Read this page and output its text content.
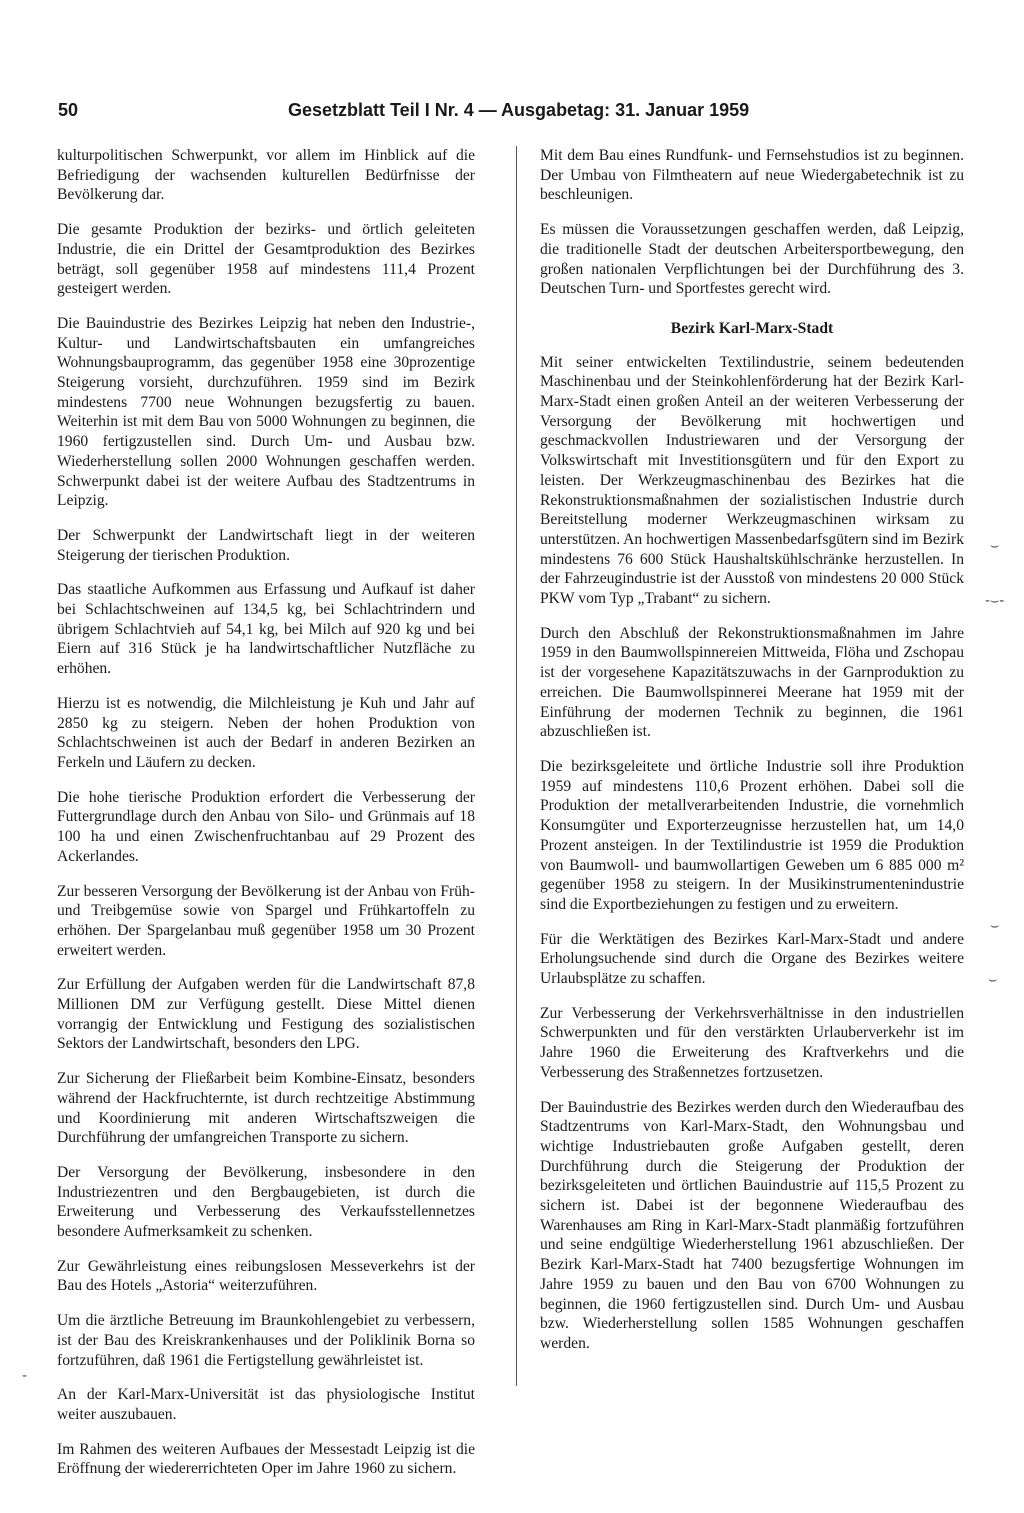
50	Gesetzblatt Teil I Nr. 4 — Ausgabetag: 31. Januar 1959

kulturpolitischen Schwerpunkt, vor allem im Hinblick auf die Befriedigung der wachsenden kulturellen Bedürfnisse der Bevölkerung dar.

Die gesamte Produktion der bezirks- und örtlich geleiteten Industrie, die ein Drittel der Gesamtproduktion des Bezirkes beträgt, soll gegenüber 1958 auf mindestens 111,4 Prozent gesteigert werden.

Die Bauindustrie des Bezirkes Leipzig hat neben den Industrie-, Kultur- und Landwirtschaftsbauten ein umfangreiches Wohnungsbauprogramm, das gegenüber 1958 eine 30prozentige Steigerung vorsieht, durchzuführen. 1959 sind im Bezirk mindestens 7700 neue Wohnungen bezugsfertig zu bauen. Weiterhin ist mit dem Bau von 5000 Wohnungen zu beginnen, die 1960 fertigzustellen sind. Durch Um- und Ausbau bzw. Wiederherstellung sollen 2000 Wohnungen geschaffen werden. Schwerpunkt dabei ist der weitere Aufbau des Stadtzentrums in Leipzig.

Der Schwerpunkt der Landwirtschaft liegt in der weiteren Steigerung der tierischen Produktion.

Das staatliche Aufkommen aus Erfassung und Aufkauf ist daher bei Schlachtschweinen auf 134,5 kg, bei Schlachtrindern und übrigem Schlachtvieh auf 54,1 kg, bei Milch auf 920 kg und bei Eiern auf 316 Stück je ha landwirtschaftlicher Nutzfläche zu erhöhen.

Hierzu ist es notwendig, die Milchleistung je Kuh und Jahr auf 2850 kg zu steigern. Neben der hohen Produktion von Schlachtschweinen ist auch der Bedarf in anderen Bezirken an Ferkeln und Läufern zu decken.

Die hohe tierische Produktion erfordert die Verbesserung der Futtergrundlage durch den Anbau von Silo- und Grünmais auf 18 100 ha und einen Zwischenfruchtanbau auf 29 Prozent des Ackerlandes.

Zur besseren Versorgung der Bevölkerung ist der Anbau von Früh- und Treibgemüse sowie von Spargel und Frühkartoffeln zu erhöhen. Der Spargelanbau muß gegenüber 1958 um 30 Prozent erweitert werden.

Zur Erfüllung der Aufgaben werden für die Landwirtschaft 87,8 Millionen DM zur Verfügung gestellt. Diese Mittel dienen vorrangig der Entwicklung und Festigung des sozialistischen Sektors der Landwirtschaft, besonders den LPG.

Zur Sicherung der Fließarbeit beim Kombine-Einsatz, besonders während der Hackfruchternte, ist durch rechtzeitige Abstimmung und Koordinierung mit anderen Wirtschaftszweigen die Durchführung der umfangreichen Transporte zu sichern.

Der Versorgung der Bevölkerung, insbesondere in den Industriezentren und den Bergbaugebieten, ist durch die Erweiterung und Verbesserung des Verkaufsstellennetzes besondere Aufmerksamkeit zu schenken.

Zur Gewährleistung eines reibungslosen Messeverkehrs ist der Bau des Hotels „Astoria“ weiterzuführen.

Um die ärztliche Betreuung im Braunkohlengebiet zu verbessern, ist der Bau des Kreiskrankenhauses und der Poliklinik Borna so fortzuführen, daß 1961 die Fertigstellung gewährleistet ist.

An der Karl-Marx-Universität ist das physiologische Institut weiter auszubauen.

Im Rahmen des weiteren Aufbaues der Messestadt Leipzig ist die Eröffnung der wiedererrichteten Oper im Jahre 1960 zu sichern.

Mit dem Bau eines Rundfunk- und Fernsehstudios ist zu beginnen. Der Umbau von Filmtheatern auf neue Wiedergabetechnik ist zu beschleunigen.

Es müssen die Voraussetzungen geschaffen werden, daß Leipzig, die traditionelle Stadt der deutschen Arbeitersportbewegung, den großen nationalen Verpflichtungen bei der Durchführung des 3. Deutschen Turn- und Sportfestes gerecht wird.

Bezirk Karl-Marx-Stadt

Mit seiner entwickelten Textilindustrie, seinem bedeutenden Maschinenbau und der Steinkohlenförderung hat der Bezirk Karl-Marx-Stadt einen großen Anteil an der weiteren Verbesserung der Versorgung der Bevölkerung mit hochwertigen und geschmackvollen Industriewaren und der Versorgung der Volkswirtschaft mit Investitionsgütern und für den Export zu leisten. Der Werkzeugmaschinenbau des Bezirkes hat die Rekonstruktionsmaßnahmen der sozialistischen Industrie durch Bereitstellung moderner Werkzeugmaschinen wirksam zu unterstützen. An hochwertigen Massenbedarfsgütern sind im Bezirk mindestens 76 600 Stück Haushaltskühlschränke herzustellen. In der Fahrzeugindustrie ist der Ausstoß von mindestens 20 000 Stück PKW vom Typ „Trabant“ zu sichern.

Durch den Abschluß der Rekonstruktionsmaßnahmen im Jahre 1959 in den Baumwollspinnereien Mittweida, Flöha und Zschopau ist der vorgesehene Kapazitätszuwachs in der Garnproduktion zu erreichen. Die Baumwollspinnerei Meerane hat 1959 mit der Einführung der modernen Technik zu beginnen, die 1961 abzuschließen ist.

Die bezirksgeleitete und örtliche Industrie soll ihre Produktion 1959 auf mindestens 110,6 Prozent erhöhen. Dabei soll die Produktion der metallverarbeitenden Industrie, die vornehmlich Konsumgüter und Exporterzeugnisse herzustellen hat, um 14,0 Prozent ansteigen. In der Textilindustrie ist 1959 die Produktion von Baumwoll- und baumwollartigen Geweben um 6 885 000 m² gegenüber 1958 zu steigern. In der Musikinstrumentenindustrie sind die Exportbeziehungen zu festigen und zu erweitern.

Für die Werktätigen des Bezirkes Karl-Marx-Stadt und andere Erholungsuchende sind durch die Organe des Bezirkes weitere Urlaubsplätze zu schaffen.

Zur Verbesserung der Verkehrsverhältnisse in den industriellen Schwerpunkten und für den verstärkten Urlauberverkehr ist im Jahre 1960 die Erweiterung des Kraftverkehrs und die Verbesserung des Straßennetzes fortzusetzen.

Der Bauindustrie des Bezirkes werden durch den Wiederaufbau des Stadtzentrums von Karl-Marx-Stadt, den Wohnungsbau und wichtige Industriebauten große Aufgaben gestellt, deren Durchführung durch die Steigerung der Produktion der bezirksgeleiteten und örtlichen Bauindustrie auf 115,5 Prozent zu sichern ist. Dabei ist der begonnene Wiederaufbau des Warenhauses am Ring in Karl-Marx-Stadt planmäßig fortzuführen und seine endgültige Wiederherstellung 1961 abzuschließen. Der Bezirk Karl-Marx-Stadt hat 7400 bezugsfertige Wohnungen im Jahre 1959 zu bauen und den Bau von 6700 Wohnungen zu beginnen, die 1960 fertigzustellen sind. Durch Um- und Ausbau bzw. Wiederherstellung sollen 1585 Wohnungen geschaffen werden.

⌣
-⌣-
⌣
⌣
-
